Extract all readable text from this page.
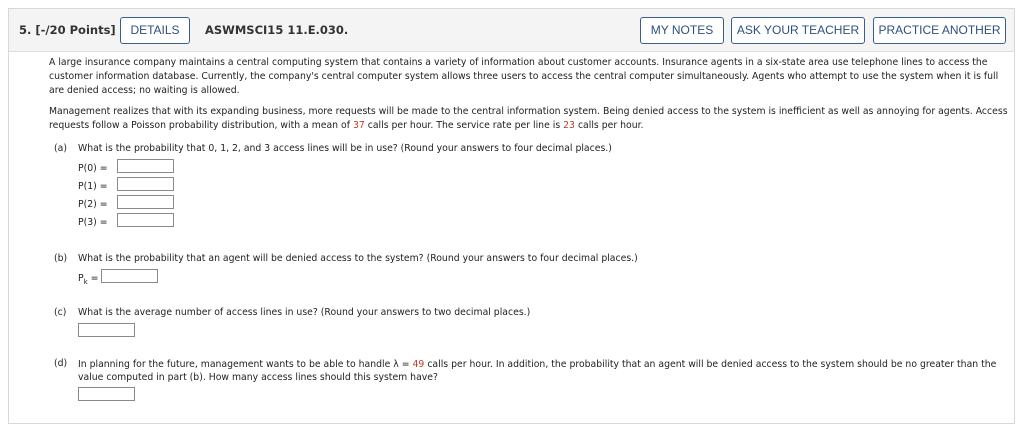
5. [-/20 Points]	DETAILS	ASWMSCI15 11.E.030.	MY NOTES	ASK YOUR TEACHER	PRACTICE ANOTHER

A large insurance company maintains a central computing system that contains a variety of information about customer accounts. Insurance agents in a six-state area use telephone lines to access the customer information database. Currently, the company's central computer system allows three users to access the central computer simultaneously. Agents who attempt to use the system when it is full are denied access; no waiting is allowed.

Management realizes that with its expanding business, more requests will be made to the central information system. Being denied access to the system is inefficient as well as annoying for agents. Access requests follow a Poisson probability distribution, with a mean of 37 calls per hour. The service rate per line is 23 calls per hour.

(a) What is the probability that 0, 1, 2, and 3 access lines will be in use? (Round your answers to four decimal places.)
P(0) =
P(1) =
P(2) =
P(3) =
(b) What is the probability that an agent will be denied access to the system? (Round your answers to four decimal places.)
$P_k$ =
(c) What is the average number of access lines in use? (Round your answers to two decimal places.)
(d) In planning for the future, management wants to be able to handle λ = 49 calls per hour. In addition, the probability that an agent will be denied access to the system should be no greater than the value computed in part (b). How many access lines should this system have?
